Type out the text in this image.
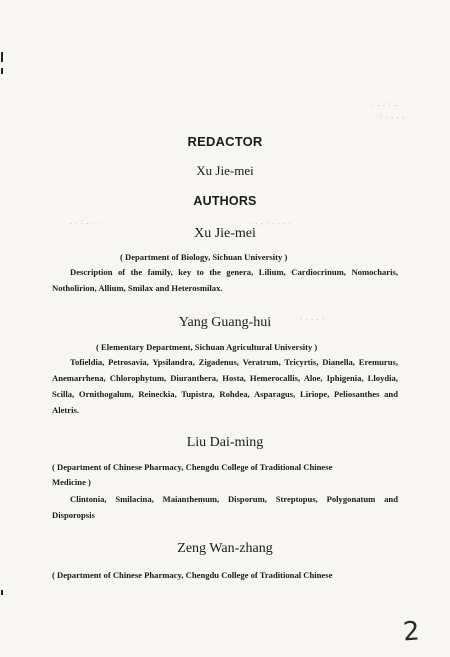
. , . : ..
: . , . ,
, . : , . .	. , , : . . , .
: . . , :
REDACTOR
Xu Jie-mei
AUTHORS
Xu Jie-mei
( Department of Biology, Sichuan University )
Description of the family, key to the genera, Lilium, Cardiocrinum, Nomocharis, Notholirion, Allium, Smilax and Heterosmilax.
Yang Guang-hui
( Elementary Department, Sichuan Agricultural University )
Tofieldia, Petrosavia, Ypsilandra, Zigadenus, Veratrum, Tricyrtis, Dianella, Eremurus, Anemarrhena, Chlorophytum, Diuranthera, Hosta, Hemerocallis, Aloe, Iphigenia, Lloydia, Scilla, Ornithogalum, Reineckia, Tupistra, Rohdea, Asparagus, Liriope, Peliosanthes and Aletris.
Liu Dai-ming
( Department of Chinese Pharmacy, Chengdu College of Traditional Chinese
Medicine )
Clintonia, Smilacina, Maianthemum, Disporum, Streptopus, Polygonatum and Disporopsis
Zeng Wan-zhang
( Department of Chinese Pharmacy, Chengdu College of Traditional Chinese
2
